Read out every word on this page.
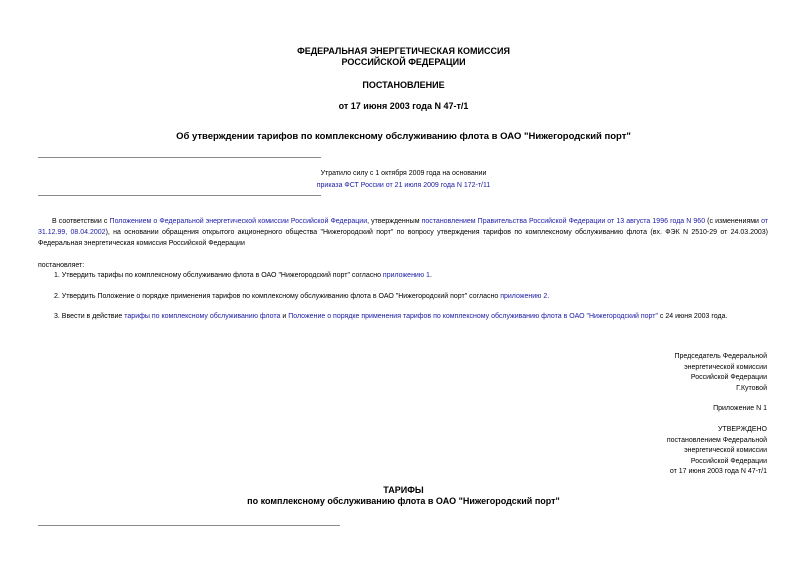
ФЕДЕРАЛЬНАЯ ЭНЕРГЕТИЧЕСКАЯ КОМИССИЯ
РОССИЙСКОЙ ФЕДЕРАЦИИ
ПОСТАНОВЛЕНИЕ
от 17 июня 2003 года N 47-т/1
Об утверждении тарифов по комплексному обслуживанию флота в ОАО "Нижегородский порт"
Утратило силу с 1 октября 2009 года на основании
приказа ФСТ России от 21 июля 2009 года N 172-т/11
В соответствии с Положением о Федеральной энергетической комиссии Российской Федерации, утвержденным постановлением Правительства Российской Федерации от 13 августа 1996 года N 960 (с изменениями от 31.12.99, 08.04.2002), на основании обращения открытого акционерного общества "Нижегородский порт" по вопросу утверждения тарифов по комплексному обслуживанию флота (вх. ФЭК N 2510-29 от 24.03.2003) Федеральная энергетическая комиссия Российской Федерации
постановляет:
1. Утвердить тарифы по комплексному обслуживанию флота в ОАО "Нижегородский порт" согласно приложению 1.
2. Утвердить Положение о порядке применения тарифов по комплексному обслуживанию флота в ОАО "Нижегородский порт" согласно приложению 2.
3. Ввести в действие тарифы по комплексному обслуживанию флота и Положение о порядке применения тарифов по комплексному обслуживанию флота в ОАО "Нижегородский порт" с 24 июня 2003 года.
Председатель Федеральной
энергетической комиссии
Российской Федерации
Г.Кутовой
Приложение N 1
УТВЕРЖДЕНО
постановлением Федеральной
энергетической комиссии
Российской Федерации
от 17 июня 2003 года N 47-т/1
ТАРИФЫ
по комплексному обслуживанию флота в ОАО "Нижегородский порт"
